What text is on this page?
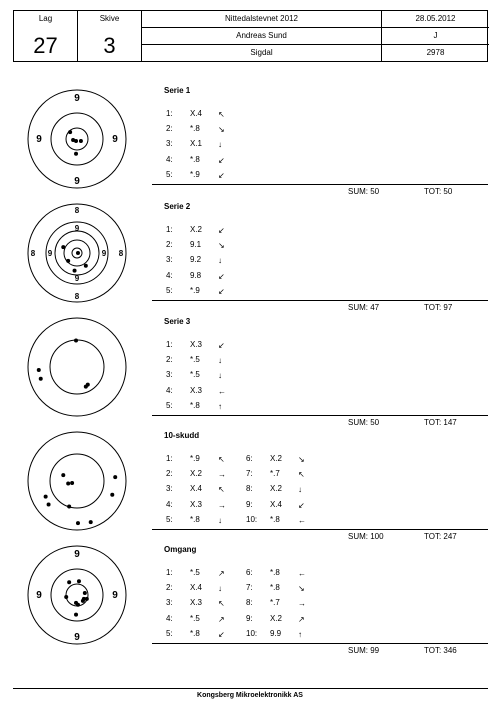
Lag
27
Skive
3
Nittedalstevnet 2012	28.05.2012
Andreas Sund	J
Sigdal	2978
9
9	9
9
8
8	8
8
9
9	9
9
9
9	9
9
Serie 1
1:	X.4	↖
2:	*.8	↘
3:	X.1	↓
4:	*.8	↙
5:	*.9	↙
SUM: 50	TOT: 50
Serie 2
1:	X.2	↙
2:	9.1	↘
3:	9.2	↓
4:	9.8	↙
5:	*.9	↙
SUM: 47	TOT: 97
Serie 3
1:	X.3	↙
2:	*.5	↓
3:	*.5	↓
4:	X.3	←
5:	*.8	↑
SUM: 50	TOT: 147
10-skudd
1:	*.9	↖
2:	X.2	→
3:	X.4	↖
4:	X.3	→
5:	*.8	↓
6:	X.2	↘
7:	*.7	↖
8:	X.2	↓
9:	X.4	↙
10:	*.8	←
SUM: 100	TOT: 247
Omgang
1:	*.5	↗
2:	X.4	↓
3:	X.3	↖
4:	*.5	↗
5:	*.8	↙
6:	*.8	←
7:	*.8	↘
8:	*.7	→
9:	X.2	↗
10:	9.9	↑
SUM: 99	TOT: 346
Kongsberg Mikroelektronikk AS
